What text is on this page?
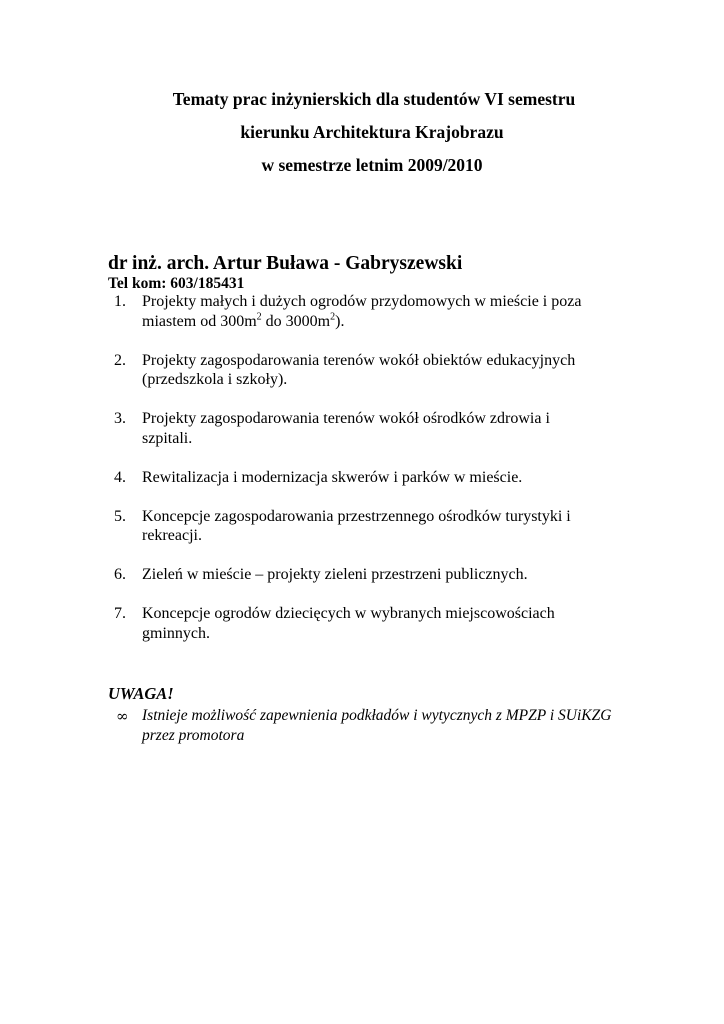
Tematy prac inżynierskich dla studentów VI semestru
kierunku Architektura Krajobrazu
w semestrze letnim 2009/2010
dr inż. arch. Artur Buława - Gabryszewski
Tel kom: 603/185431
1. Projekty małych i dużych ogrodów przydomowych w mieście i poza miastem od $300m^2$ do $3000m^2$).
2. Projekty zagospodarowania terenów wokół obiektów edukacyjnych (przedszkola i szkoły).
3. Projekty zagospodarowania terenów wokół ośrodków zdrowia i szpitali.
4. Rewitalizacja i modernizacja skwerów i parków w mieście.
5. Koncepcje zagospodarowania przestrzennego ośrodków turystyki i rekreacji.
6. Zieleń w mieście – projekty zieleni przestrzeni publicznych.
7. Koncepcje ogrodów dziecięcych w wybranych miejscowościach gminnych.
UWAGA!
∞ Istnieje możliwość zapewnienia podkładów i wytycznych z MPZP i SUiKZG przez promotora
